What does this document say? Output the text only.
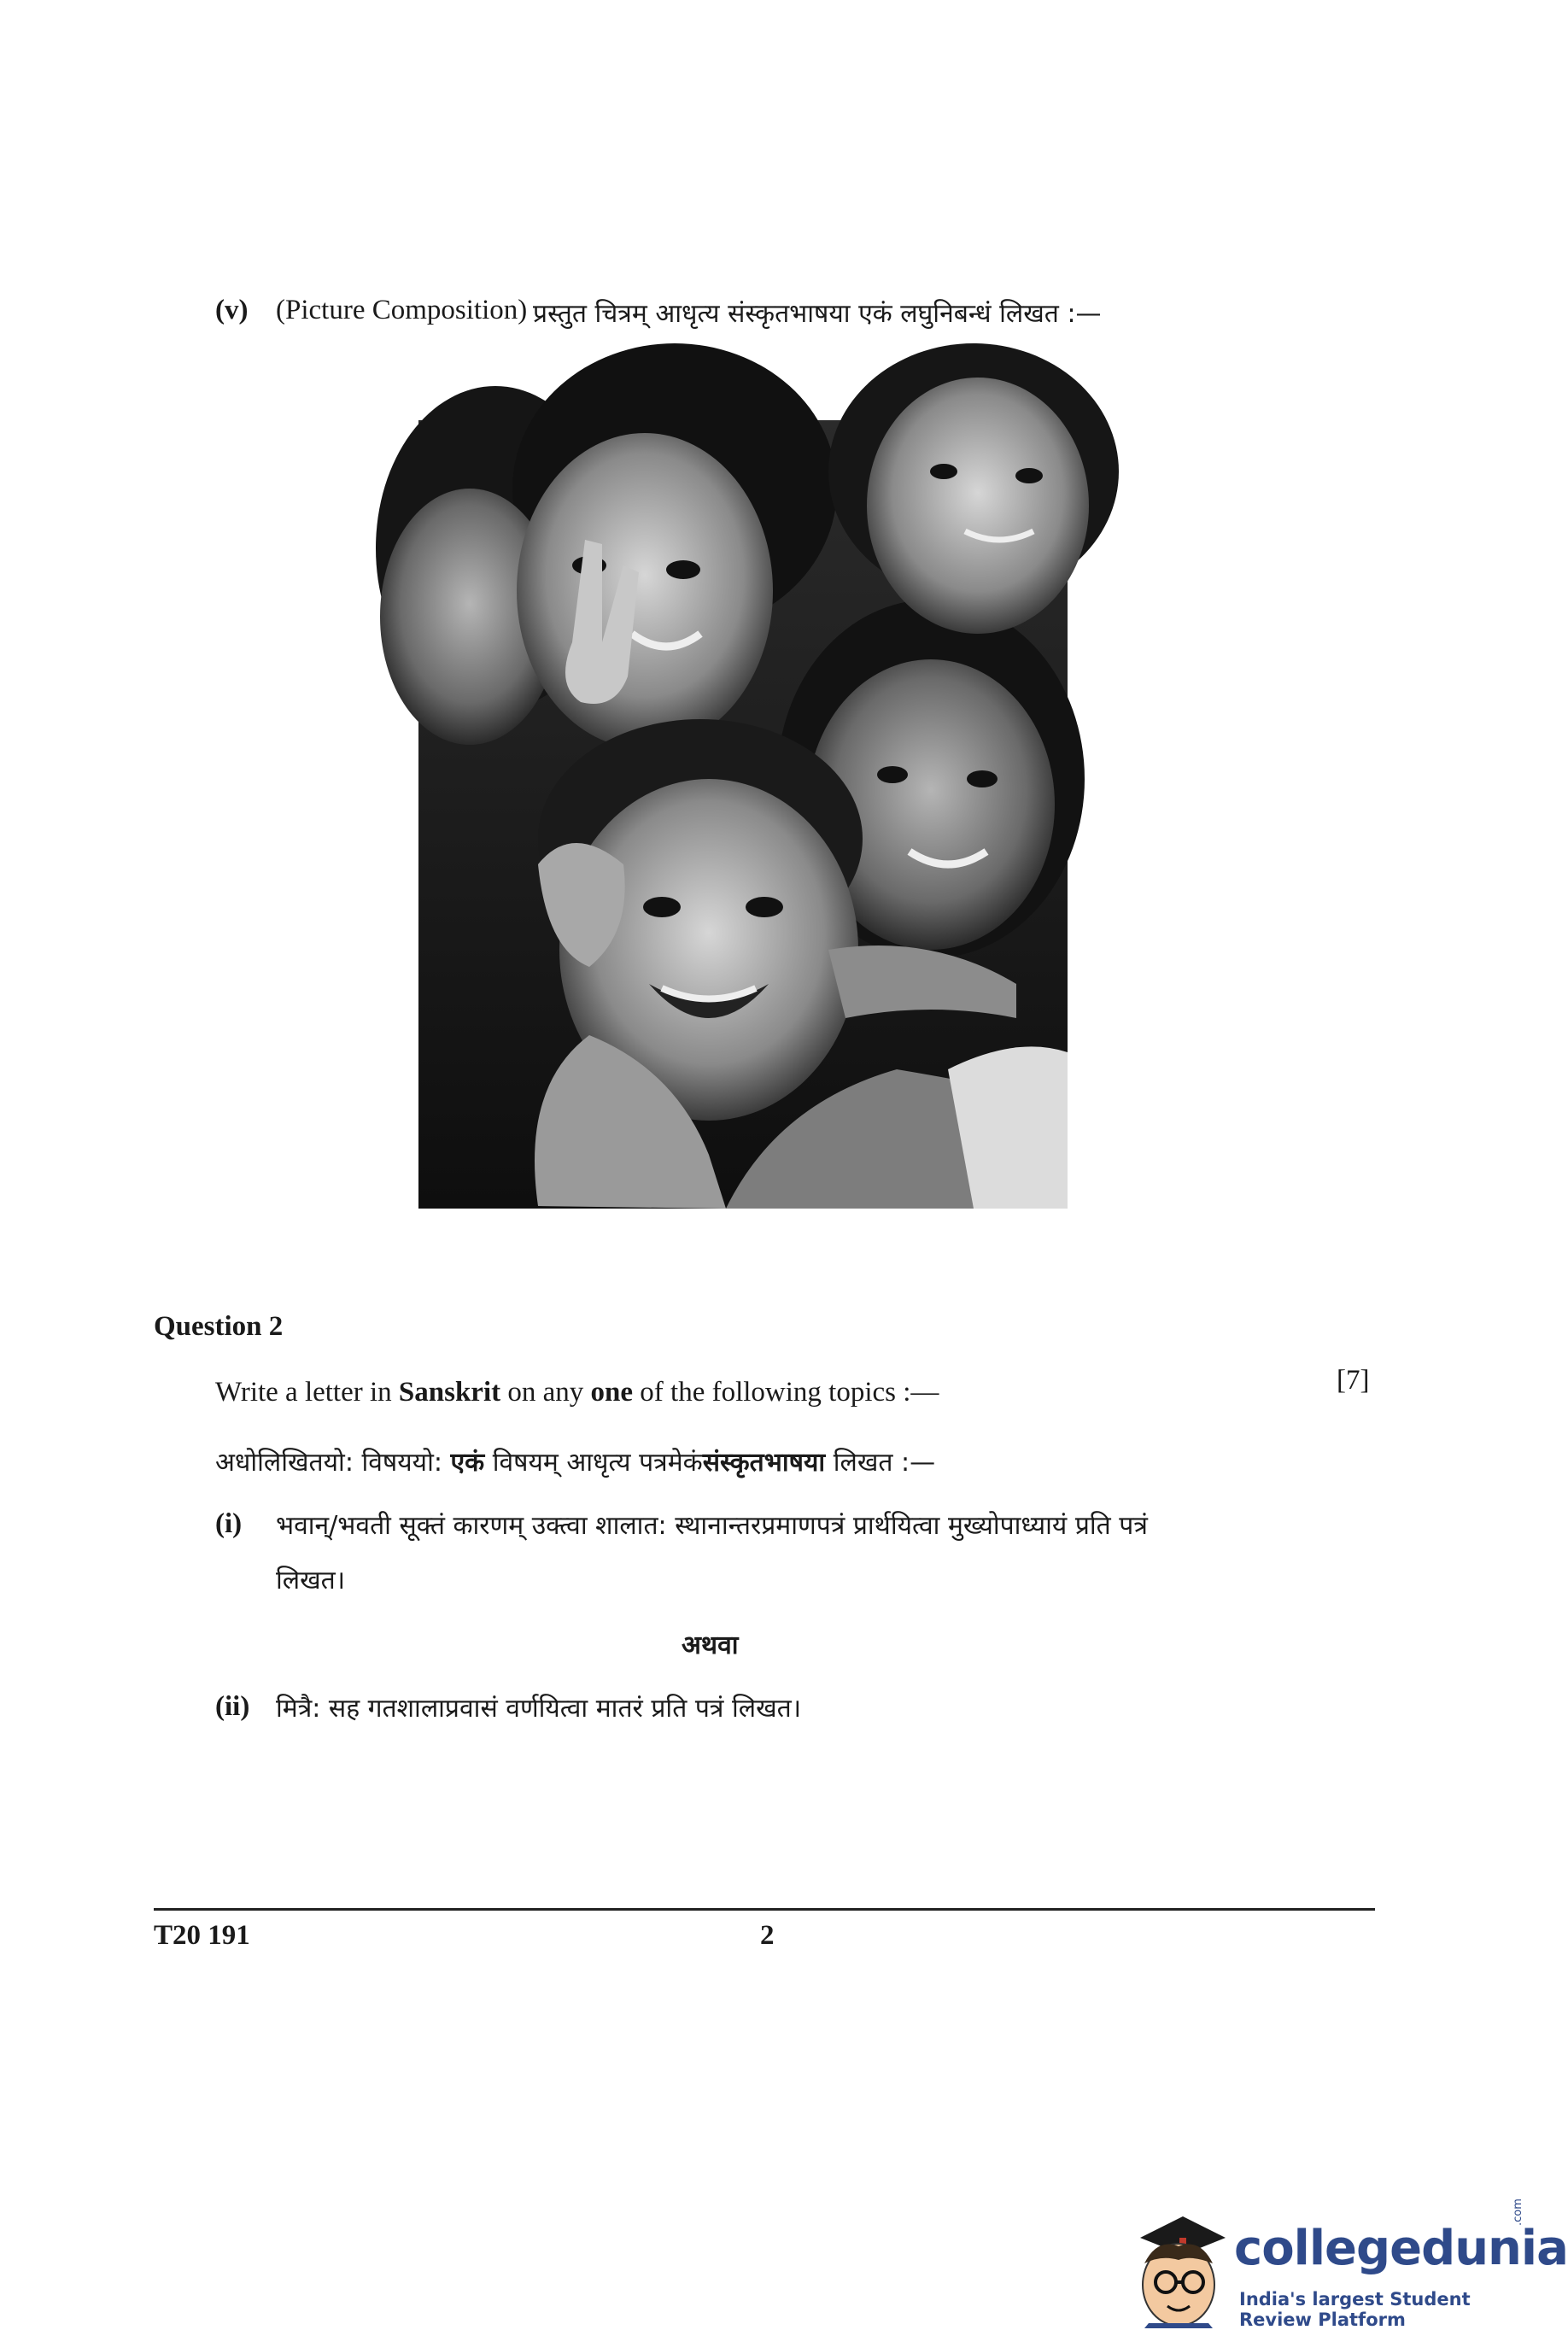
(v) (Picture Composition) प्रस्तुत चित्रम् आधृत्य संस्कृतभाषया एकं लघुनिबन्धं लिखत :—
Question 2
Write a letter in Sanskrit on any one of the following topics :—	[7]
अधोलिखितयो: विषययो: एकं विषयम् आधृत्य पत्रमेकंसंस्कृतभाषया लिखत :—
(i) भवान्/भवती सूक्तं कारणम् उक्त्वा शालात: स्थानान्तरप्रमाणपत्रं प्रार्थयित्वा मुख्योपाध्यायं प्रति पत्रं
लिखत।
अथवा
(ii) मित्रै: सह गतशालाप्रवासं वर्णयित्वा मातरं प्रति पत्रं लिखत।
T20 191	2
collegedunia
.com
India's largest Student Review Platform
